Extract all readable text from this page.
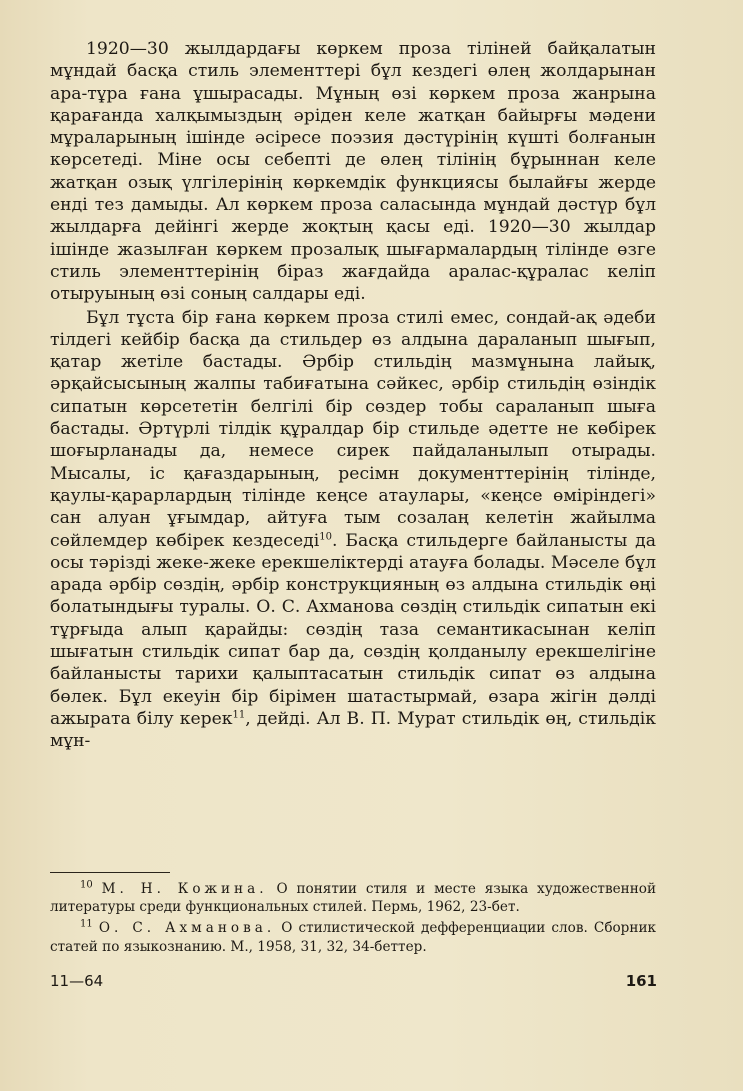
1920—30 жылдардағы көркем проза тіліней байқалатын мұндай басқа стиль элементтері бұл кездегі өлең жолдарынан ара-тұра ғана ұшырасады. Мұның өзі көркем проза жанрына қарағанда халқымыздың әріден келе жатқан байырғы мәдени мұраларының ішінде әсіресе поэзия дәстүрінің күшті болғанын көрсетеді. Міне осы себепті де өлең тілінің бұрыннан келе жатқан озық үлгілерінің көркемдік функциясы былайғы жерде енді тез дамыды. Ал көркем проза саласында мұндай дәстүр бұл жылдарға дейінгі жерде жоқтың қасы еді. 1920—30 жылдар ішінде жазылған көркем прозалық шығармалардың тілінде өзге стиль элементтерінің біраз жағдайда аралас-құралас келіп отыруының өзі соның салдары еді.

Бұл тұста бір ғана көркем проза стилі емес, сондай-ақ әдеби тілдегі кейбір басқа да стильдер өз алдына дараланып шығып, қатар жетіле бастады. Әрбір стильдің мазмұнына лайық, әрқайсысының жалпы табиғатына сәйкес, әрбір стильдің өзіндік сипатын көрсететін белгілі бір сөздер тобы сараланып шыға бастады. Әртүрлі тілдік құралдар бір стильде әдетте не көбірек шоғырланады да, немесе сирек пайдаланылып отырады. Мысалы, іс қағаздарының, ресімн документтерінің тілінде, қаулы-қарарлардың тілінде кеңсе атаулары, «кеңсе өміріндегі» сан алуан ұғымдар, айтуға тым созалаң келетін жайылма сөйлемдер көбірек кездеседі$^{10}$. Басқа стильдерге байланысты да осы тәрізді жеке-жеке ерекшеліктерді атауға болады. Мәселе бұл арада әрбір сөздің, әрбір конструкцияның өз алдына стильдік өңі болатындығы туралы. О. С. Ахманова сөздің стильдік сипатын екі тұрғыда алып қарайды: сөздің таза семантикасынан келіп шығатын стильдік сипат бар да, сөздің қолданылу ерекшелігіне байланысты тарихи қалыптасатын стильдік сипат өз алдына бөлек. Бұл екеуін бір бірімен шатастырмай, өзара жігін дәлді ажырата білу керек$^{11}$, дейді. Ал В. П. Мурат стильдік өң, стильдік мұн-

$^{10}$ М. Н. Кожина. О понятии стиля и месте языка художественной литературы среди функциональных стилей. Пермь, 1962, 23-бет.

$^{11}$ О. С. Ахманова. О стилистической дефференциации слов. Сборник статей по языкознанию. М., 1958, 31, 32, 34-беттер.

11—64	161
